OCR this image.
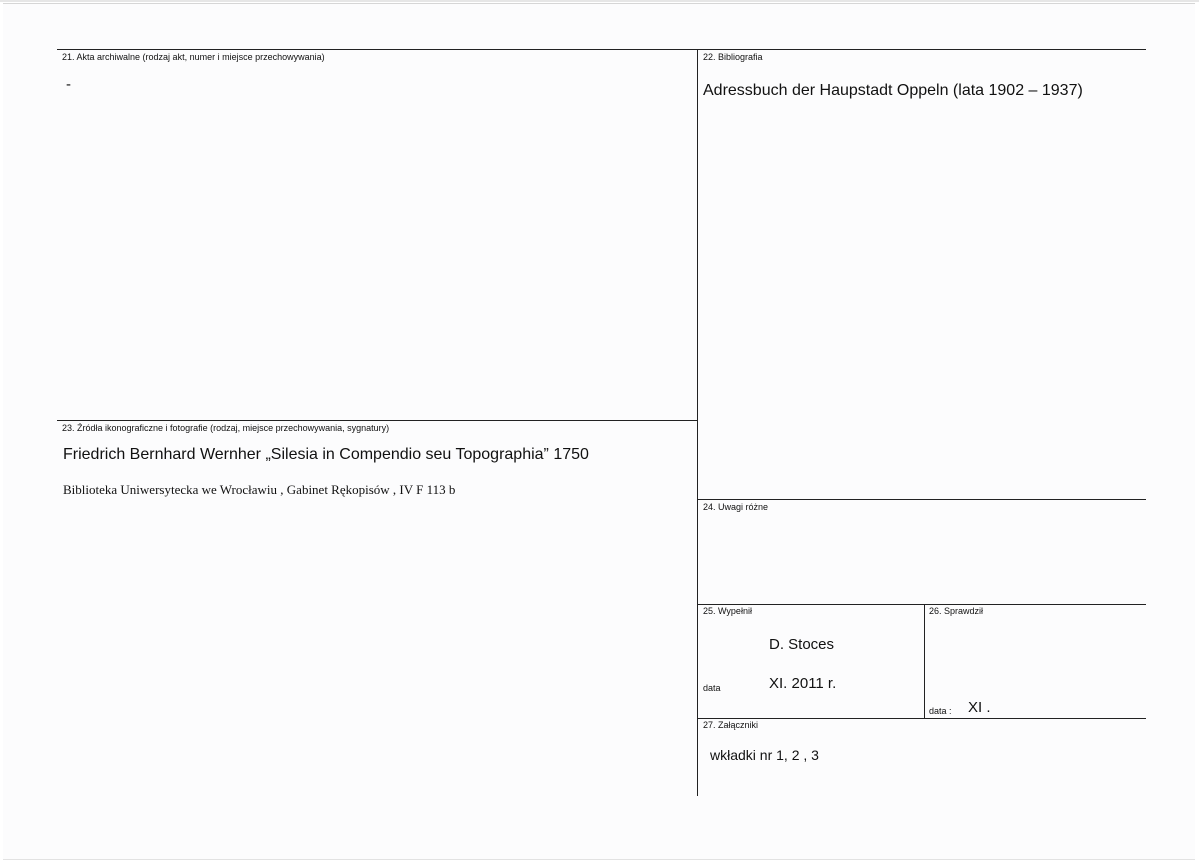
21. Akta archiwalne (rodzaj akt, numer i miejsce przechowywania)
-
22. Bibliografia
Adressbuch der Haupstadt Oppeln (lata 1902 – 1937)
23. Źródła ikonograficzne i fotografie (rodzaj, miejsce przechowywania, sygnatury)
Friedrich Bernhard Wernher „Silesia in Compendio seu Topographia” 1750
Biblioteka Uniwersytecka we Wrocławiu , Gabinet Rękopisów , IV F 113 b
24. Uwagi różne
25. Wypełnił
D. Stoces
data	XI. 2011 r.
26. Sprawdził
data : XI .
27. Załączniki
wkładki nr 1, 2 , 3
